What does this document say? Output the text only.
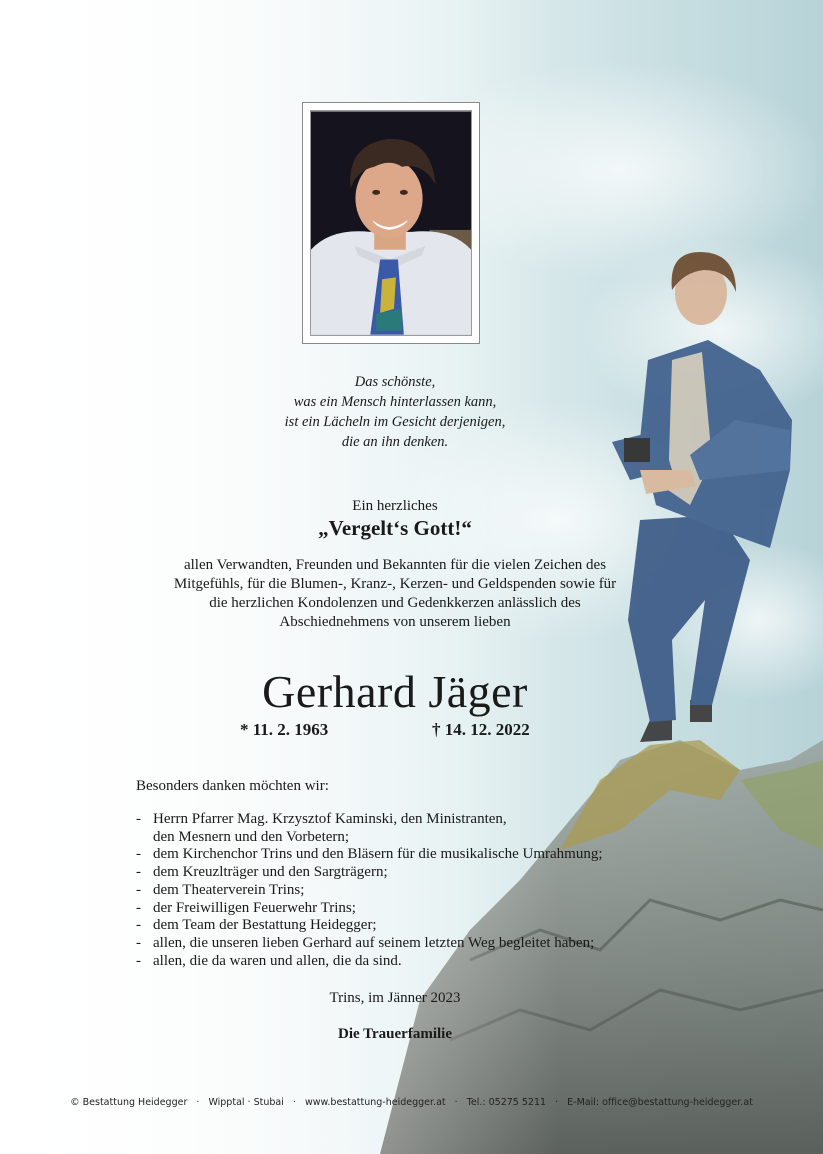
Das schönste,
was ein Mensch hinterlassen kann,
ist ein Lächeln im Gesicht derjenigen,
die an ihn denken.
Ein herzliches
„Vergelt‘s Gott!“
allen Verwandten, Freunden und Bekannten für die vielen Zeichen des
Mitgefühls, für die Blumen-, Kranz-, Kerzen- und Geldspenden sowie für
die herzlichen Kondolenzen und Gedenkkerzen anlässlich des
Abschiednehmens von unserem lieben
Gerhard Jäger
* 11. 2. 1963	† 14. 12. 2022
Besonders danken möchten wir:
- Herrn Pfarrer Mag. Krzysztof Kaminski, den Ministranten,
den Mesnern und den Vorbetern;
- dem Kirchenchor Trins und den Bläsern für die musikalische Umrahmung;
- dem Kreuzlträger und den Sargträgern;
- dem Theaterverein Trins;
- der Freiwilligen Feuerwehr Trins;
- dem Team der Bestattung Heidegger;
- allen, die unseren lieben Gerhard auf seinem letzten Weg begleitet haben;
- allen, die da waren und allen, die da sind.
Trins, im Jänner 2023
Die Trauerfamilie
© Bestattung Heidegger · Wipptal · Stubai · www.bestattung-heidegger.at · Tel.: 05275 5211 · E-Mail: office@bestattung-heidegger.at
